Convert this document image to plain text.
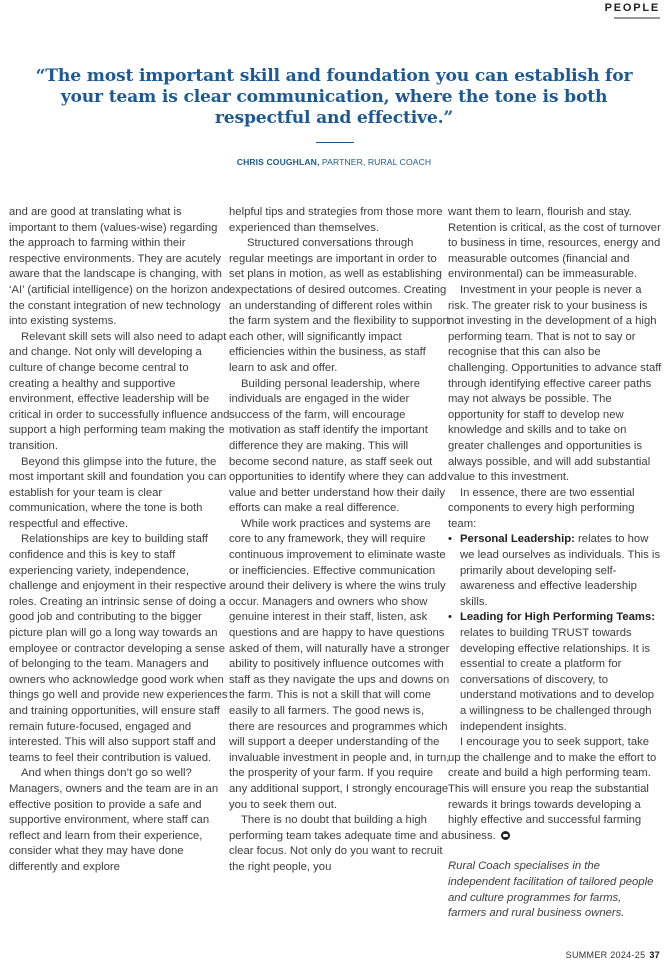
PEOPLE
“The most important skill and foundation you can establish for your team is clear communication, where the tone is both respectful and effective.”
CHRIS COUGHLAN, PARTNER, RURAL COACH

and are good at translating what is important to them (values-wise) regarding the approach to farming within their respective environments. They are acutely aware that the landscape is changing, with ‘AI’ (artificial intelligence) on the horizon and the constant integration of new technology into existing systems.

Relevant skill sets will also need to adapt and change. Not only will developing a culture of change become central to creating a healthy and supportive environment, effective leadership will be critical in order to successfully influence and support a high performing team making the transition.

Beyond this glimpse into the future, the most important skill and foundation you can establish for your team is clear communication, where the tone is both respectful and effective.

Relationships are key to building staff confidence and this is key to staff experiencing variety, independence, challenge and enjoyment in their respective roles. Creating an intrinsic sense of doing a good job and contributing to the bigger picture plan will go a long way towards an employee or contractor developing a sense of belonging to the team. Managers and owners who acknowledge good work when things go well and provide new experiences and training opportunities, will ensure staff remain future-focused, engaged and interested. This will also support staff and teams to feel their contribution is valued.

And when things don’t go so well? Managers, owners and the team are in an effective position to provide a safe and supportive environment, where staff can reflect and learn from their experience, consider what they may have done differently and explore

helpful tips and strategies from those more experienced than themselves.

Structured conversations through regular meetings are important in order to set plans in motion, as well as establishing expectations of desired outcomes. Creating an understanding of different roles within the farm system and the flexibility to support each other, will significantly impact efficiencies within the business, as staff learn to ask and offer.

Building personal leadership, where individuals are engaged in the wider success of the farm, will encourage motivation as staff identify the important difference they are making. This will become second nature, as staff seek out opportunities to identify where they can add value and better understand how their daily efforts can make a real difference.

While work practices and systems are core to any framework, they will require continuous improvement to eliminate waste or inefficiencies. Effective communication around their delivery is where the wins truly occur. Managers and owners who show genuine interest in their staff, listen, ask questions and are happy to have questions asked of them, will naturally have a stronger ability to positively influence outcomes with staff as they navigate the ups and downs on the farm. This is not a skill that will come easily to all farmers. The good news is, there are resources and programmes which will support a deeper understanding of the invaluable investment in people and, in turn, the prosperity of your farm. If you require any additional support, I strongly encourage you to seek them out.

There is no doubt that building a high performing team takes adequate time and a clear focus. Not only do you want to recruit the right people, you

want them to learn, flourish and stay. Retention is critical, as the cost of turnover to business in time, resources, energy and measurable outcomes (financial and environmental) can be immeasurable.

Investment in your people is never a risk. The greater risk to your business is not investing in the development of a high performing team. That is not to say or recognise that this can also be challenging. Opportunities to advance staff through identifying effective career paths may not always be possible. The opportunity for staff to develop new knowledge and skills and to take on greater challenges and opportunities is always possible, and will add substantial value to this investment.

In essence, there are two essential components to every high performing team:

• Personal Leadership: relates to how we lead ourselves as individuals. This is primarily about developing self-awareness and effective leadership skills.
• Leading for High Performing Teams: relates to building TRUST towards developing effective relationships. It is essential to create a platform for conversations of discovery, to understand motivations and to develop a willingness to be challenged through independent insights.

I encourage you to seek support, take up the challenge and to make the effort to create and build a high performing team. This will ensure you reap the substantial rewards it brings towards developing a highly effective and successful farming business.

Rural Coach specialises in the independent facilitation of tailored people and culture programmes for farms, farmers and rural business owners.

SUMMER 2024-25 37
